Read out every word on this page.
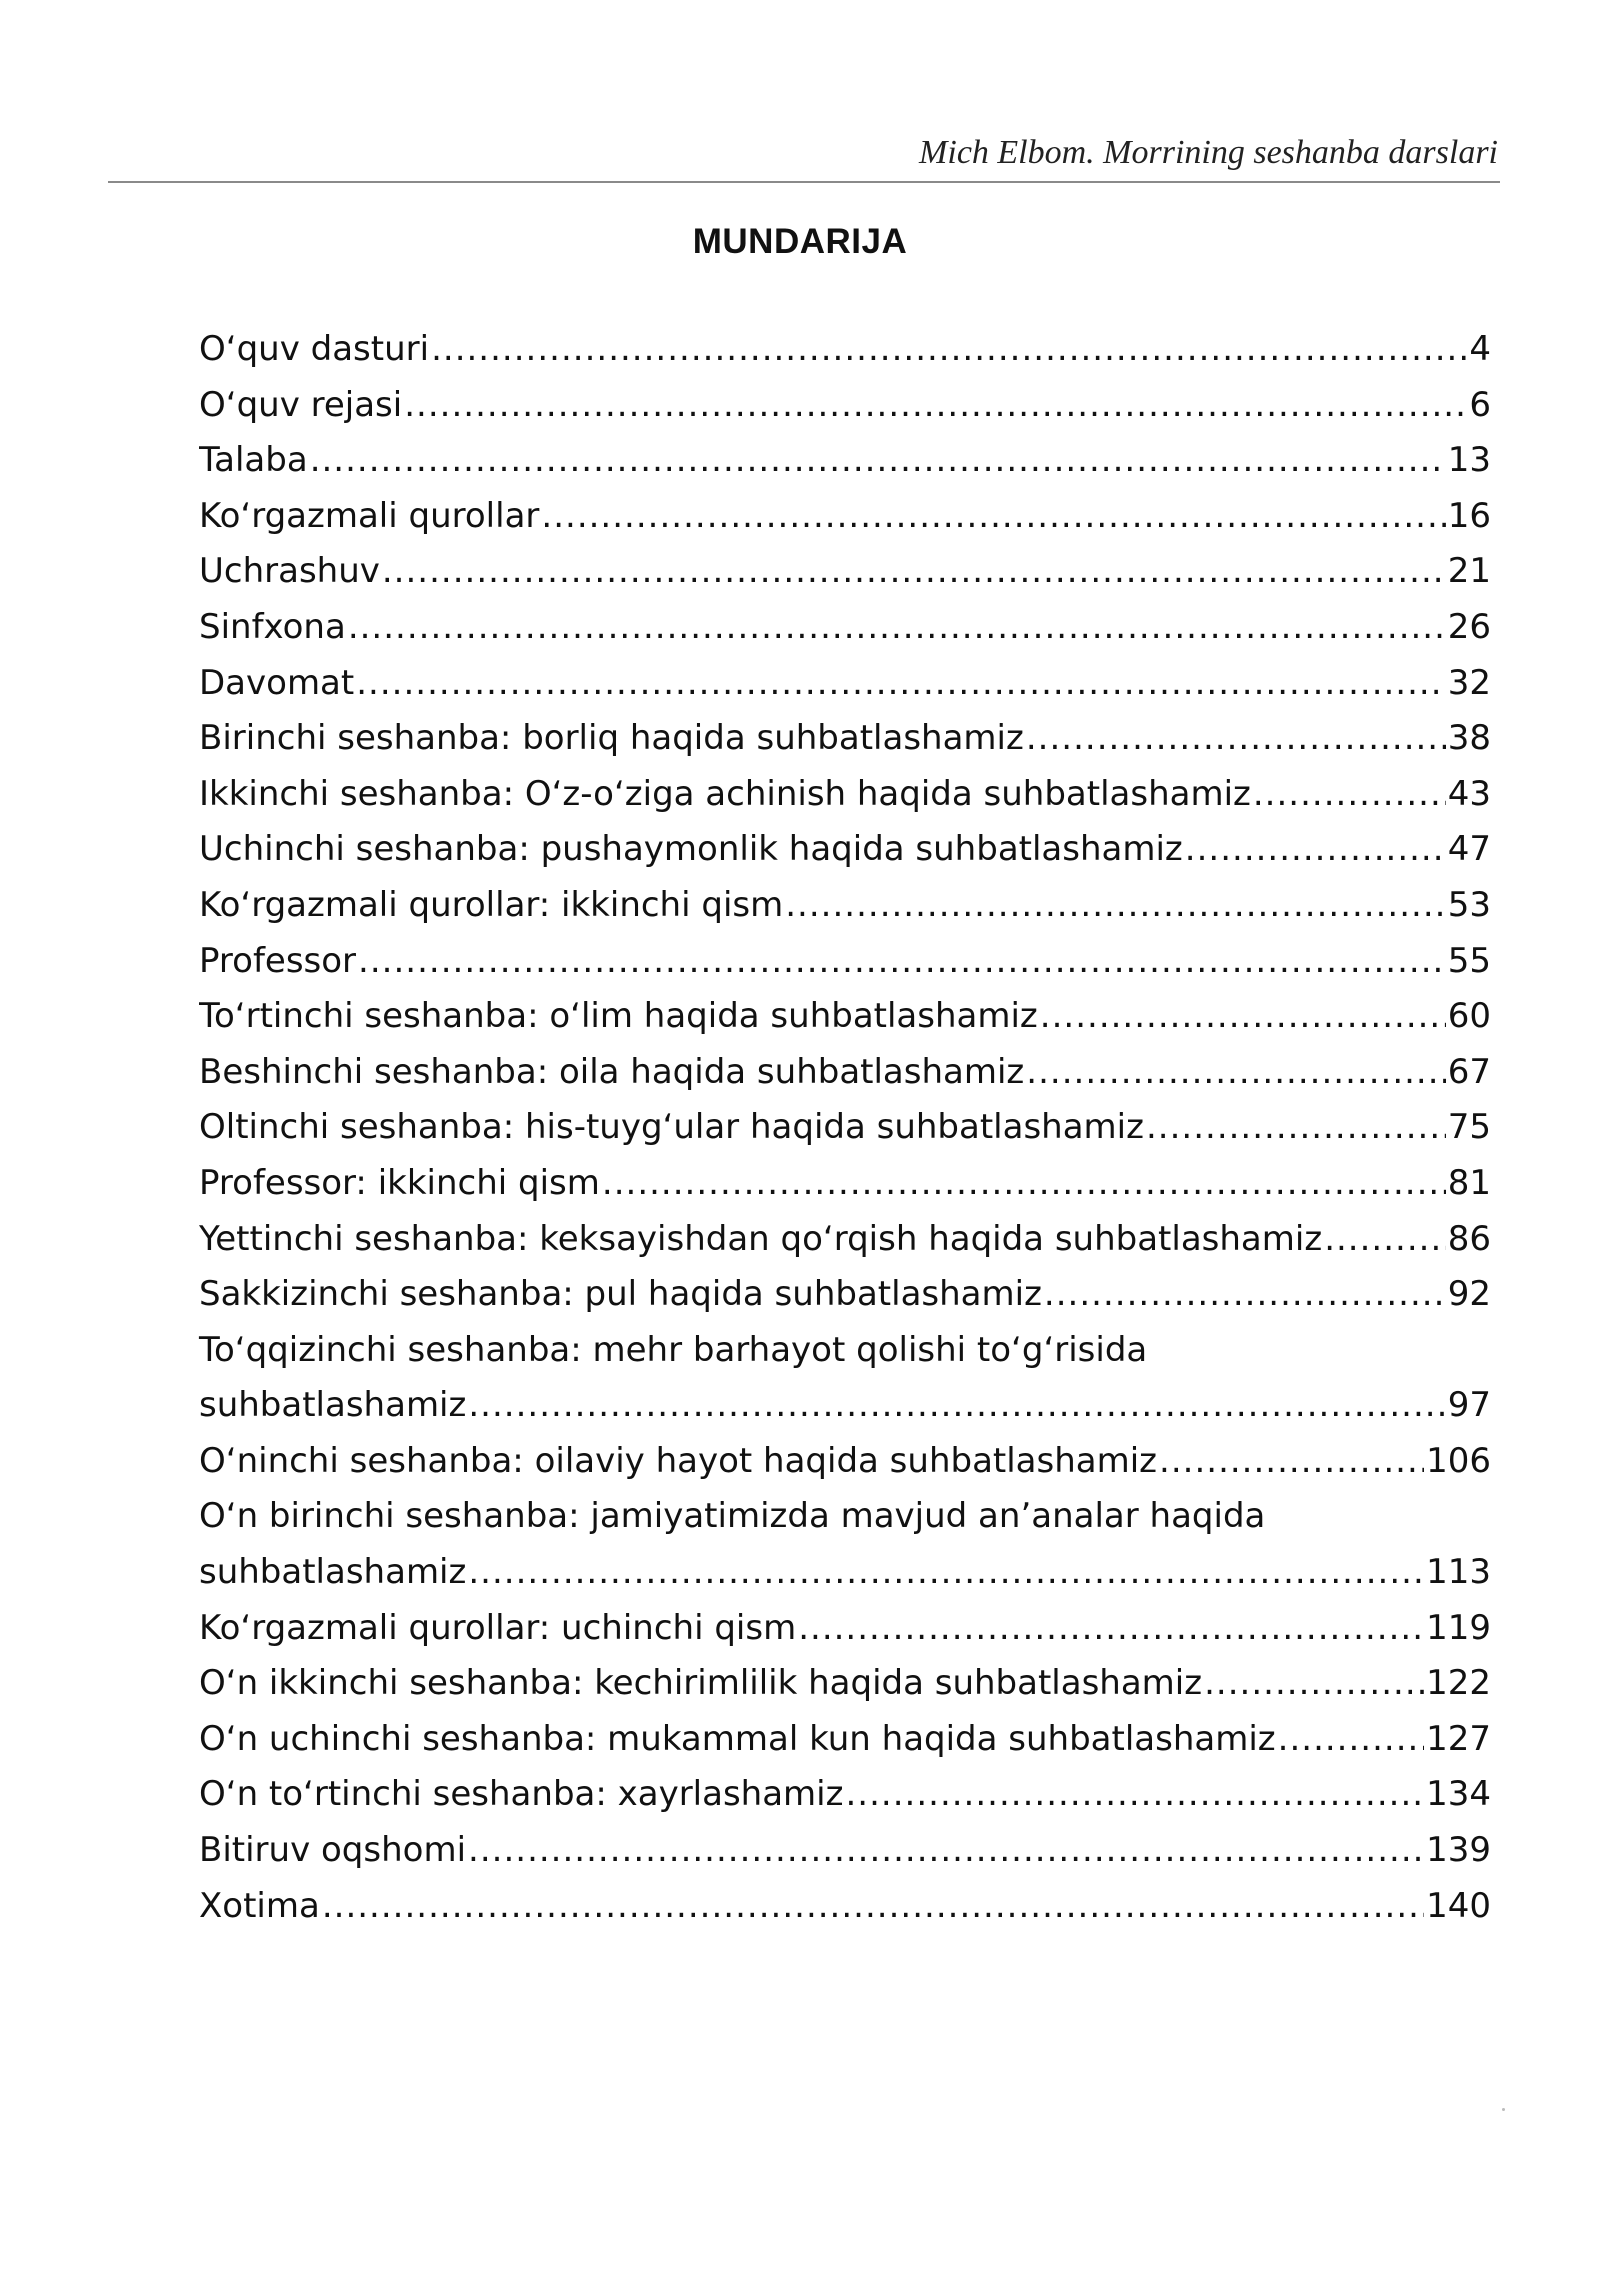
Mich Elbom. Morrining seshanba darslari
MUNDARIJA
O‘quv dasturi .....	4
O‘quv rejasi .....	6
Talaba .....	13
Ko‘rgazmali qurollar .....	16
Uchrashuv .....	21
Sinfxona .....	26
Davomat .....	32
Birinchi seshanba: borliq haqida suhbatlashamiz .....	38
Ikkinchi seshanba: O‘z-o‘ziga achinish haqida suhbatlashamiz .....	43
Uchinchi seshanba: pushaymonlik haqida suhbatlashamiz .....	47
Ko‘rgazmali qurollar: ikkinchi qism .....	53
Professor .....	55
To‘rtinchi seshanba: o‘lim haqida suhbatlashamiz .....	60
Beshinchi seshanba: oila haqida suhbatlashamiz .....	67
Oltinchi seshanba: his-tuyg‘ular haqida suhbatlashamiz .....	75
Professor: ikkinchi qism .....	81
Yettinchi seshanba: keksayishdan qo‘rqish haqida suhbatlashamiz .....	86
Sakkizinchi seshanba: pul haqida suhbatlashamiz .....	92
To‘qqizinchi seshanba: mehr barhayot qolishi to‘g‘risida
suhbatlashamiz .....	97
O‘ninchi seshanba: oilaviy hayot haqida suhbatlashamiz .....	106
O‘n birinchi seshanba: jamiyatimizda mavjud an’analar haqida
suhbatlashamiz .....	113
Ko‘rgazmali qurollar: uchinchi qism .....	119
O‘n ikkinchi seshanba: kechirimlilik haqida suhbatlashamiz .....	122
O‘n uchinchi seshanba: mukammal kun haqida suhbatlashamiz .....	127
O‘n to‘rtinchi seshanba: xayrlashamiz .....	134
Bitiruv oqshomi .....	139
Xotima .....	140
